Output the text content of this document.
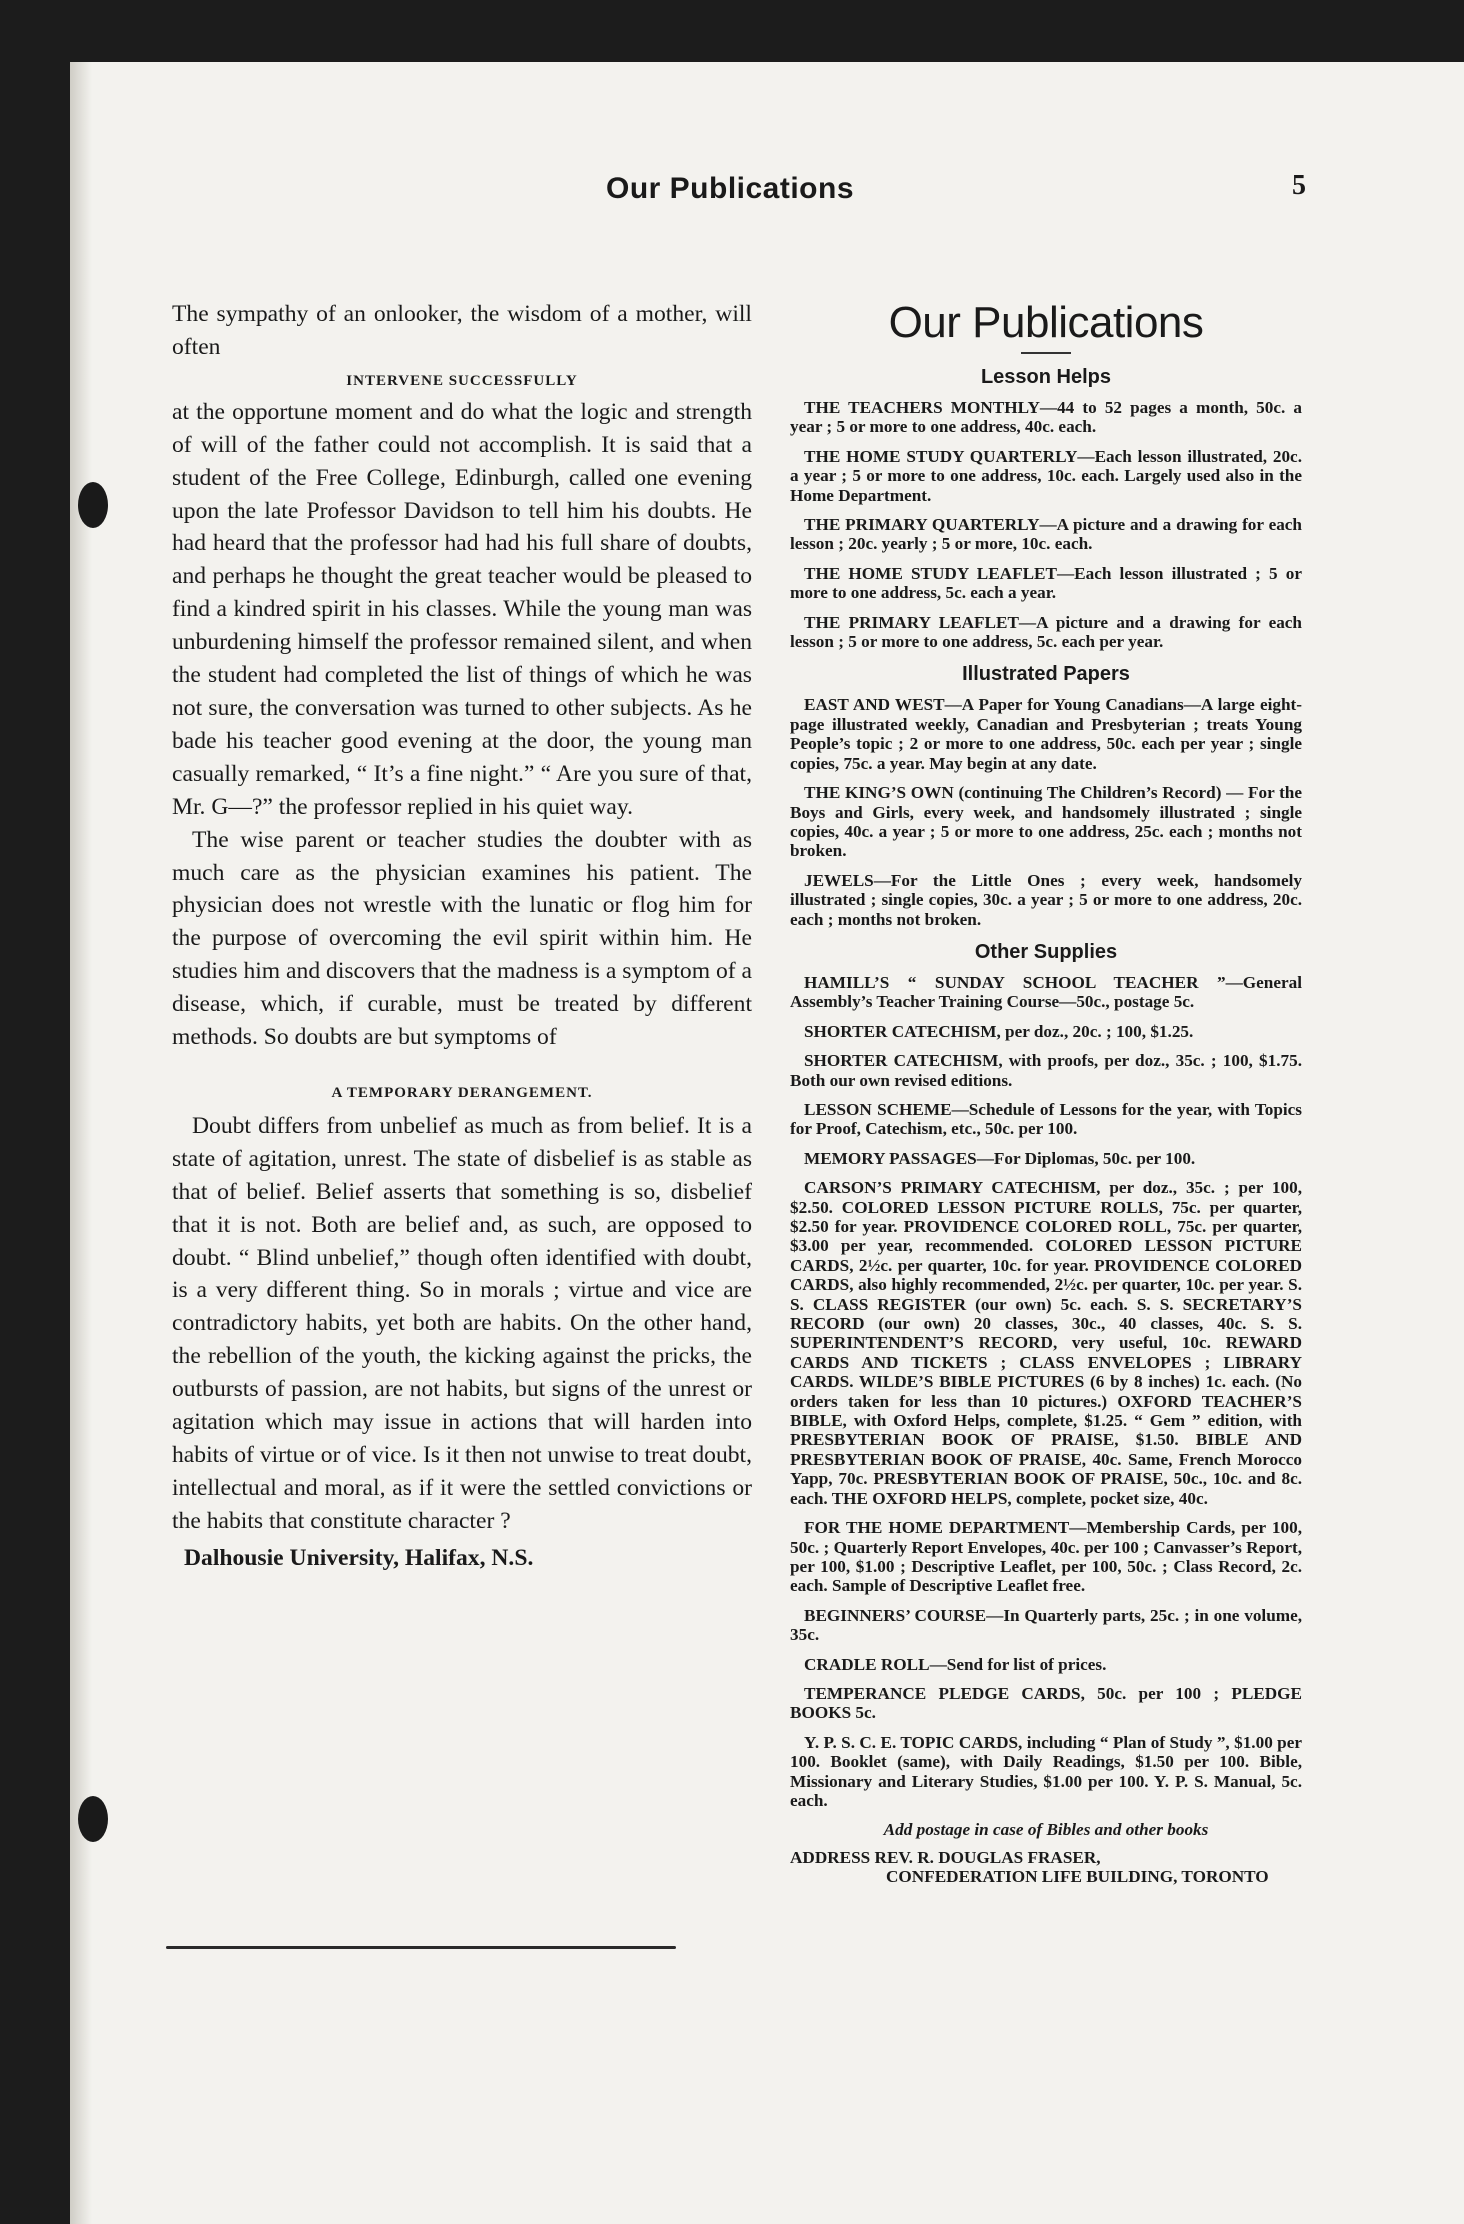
Our Publications	5

The sympathy of an onlooker, the wisdom of a mother, will often

INTERVENE SUCCESSFULLY

at the opportune moment and do what the logic and strength of will of the father could not accomplish. It is said that a student of the Free College, Edinburgh, called one evening upon the late Professor Davidson to tell him his doubts. He had heard that the professor had had his full share of doubts, and perhaps he thought the great teacher would be pleased to find a kindred spirit in his classes. While the young man was unburdening himself the professor remained silent, and when the student had completed the list of things of which he was not sure, the conversation was turned to other subjects. As he bade his teacher good evening at the door, the young man casually remarked, “ It’s a fine night.” “ Are you sure of that, Mr. G—?” the professor replied in his quiet way.

The wise parent or teacher studies the doubter with as much care as the physician examines his patient. The physician does not wrestle with the lunatic or flog him for the purpose of overcoming the evil spirit within him. He studies him and discovers that the madness is a symptom of a disease, which, if curable, must be treated by different methods. So doubts are but symptoms of

A TEMPORARY DERANGEMENT.

Doubt differs from unbelief as much as from belief. It is a state of agitation, unrest. The state of disbelief is as stable as that of belief. Belief asserts that something is so, disbelief that it is not. Both are belief and, as such, are opposed to doubt. “ Blind unbelief,” though often identified with doubt, is a very different thing. So in morals ; virtue and vice are contradictory habits, yet both are habits. On the other hand, the rebellion of the youth, the kicking against the pricks, the outbursts of passion, are not habits, but signs of the unrest or agitation which may issue in actions that will harden into habits of virtue or of vice. Is it then not unwise to treat doubt, intellectual and moral, as if it were the settled convictions or the habits that constitute character ?

Dalhousie University, Halifax, N.S.

Our Publications
Lesson Helps

THE TEACHERS MONTHLY—44 to 52 pages a month, 50c. a year ; 5 or more to one address, 40c. each.

THE HOME STUDY QUARTERLY—Each lesson illustrated, 20c. a year ; 5 or more to one address, 10c. each. Largely used also in the Home Department.

THE PRIMARY QUARTERLY—A picture and a drawing for each lesson ; 20c. yearly ; 5 or more, 10c. each.

THE HOME STUDY LEAFLET—Each lesson illustrated ; 5 or more to one address, 5c. each a year.

THE PRIMARY LEAFLET—A picture and a drawing for each lesson ; 5 or more to one address, 5c. each per year.

Illustrated Papers

EAST AND WEST—A Paper for Young Canadians—A large eight-page illustrated weekly, Canadian and Presbyterian ; treats Young People’s topic ; 2 or more to one address, 50c. each per year ; single copies, 75c. a year. May begin at any date.

THE KING’S OWN (continuing The Children’s Record) — For the Boys and Girls, every week, and handsomely illustrated ; single copies, 40c. a year ; 5 or more to one address, 25c. each ; months not broken.

JEWELS—For the Little Ones ; every week, handsomely illustrated ; single copies, 30c. a year ; 5 or more to one address, 20c. each ; months not broken.

Other Supplies

HAMILL’S “ SUNDAY SCHOOL TEACHER ”—General Assembly’s Teacher Training Course—50c., postage 5c.

SHORTER CATECHISM, per doz., 20c. ; 100, $1.25.

SHORTER CATECHISM, with proofs, per doz., 35c. ; 100, $1.75. Both our own revised editions.

LESSON SCHEME—Schedule of Lessons for the year, with Topics for Proof, Catechism, etc., 50c. per 100.

MEMORY PASSAGES—For Diplomas, 50c. per 100.

CARSON’S PRIMARY CATECHISM, per doz., 35c. ; per 100, $2.50. COLORED LESSON PICTURE ROLLS, 75c. per quarter, $2.50 for year. PROVIDENCE COLORED ROLL, 75c. per quarter, $3.00 per year, recommended. COLORED LESSON PICTURE CARDS, 2½c. per quarter, 10c. for year. PROVIDENCE COLORED CARDS, also highly recommended, 2½c. per quarter, 10c. per year. S. S. CLASS REGISTER (our own) 5c. each. S. S. SECRETARY’S RECORD (our own) 20 classes, 30c., 40 classes, 40c. S. S. SUPERINTENDENT’S RECORD, very useful, 10c. REWARD CARDS AND TICKETS ; CLASS ENVELOPES ; LIBRARY CARDS. WILDE’S BIBLE PICTURES (6 by 8 inches) 1c. each. (No orders taken for less than 10 pictures.) OXFORD TEACHER’S BIBLE, with Oxford Helps, complete, $1.25. “ Gem ” edition, with PRESBYTERIAN BOOK OF PRAISE, $1.50. BIBLE AND PRESBYTERIAN BOOK OF PRAISE, 40c. Same, French Morocco Yapp, 70c. PRESBYTERIAN BOOK OF PRAISE, 50c., 10c. and 8c. each. THE OXFORD HELPS, complete, pocket size, 40c.

FOR THE HOME DEPARTMENT—Membership Cards, per 100, 50c. ; Quarterly Report Envelopes, 40c. per 100 ; Canvasser’s Report, per 100, $1.00 ; Descriptive Leaflet, per 100, 50c. ; Class Record, 2c. each. Sample of Descriptive Leaflet free.

BEGINNERS’ COURSE—In Quarterly parts, 25c. ; in one volume, 35c.

CRADLE ROLL—Send for list of prices.

TEMPERANCE PLEDGE CARDS, 50c. per 100 ; PLEDGE BOOKS 5c.

Y. P. S. C. E. TOPIC CARDS, including “ Plan of Study ”, $1.00 per 100. Booklet (same), with Daily Readings, $1.50 per 100. Bible, Missionary and Literary Studies, $1.00 per 100. Y. P. S. Manual, 5c. each.

Add postage in case of Bibles and other books

ADDRESS REV. R. DOUGLAS FRASER,
CONFEDERATION LIFE BUILDING, TORONTO
